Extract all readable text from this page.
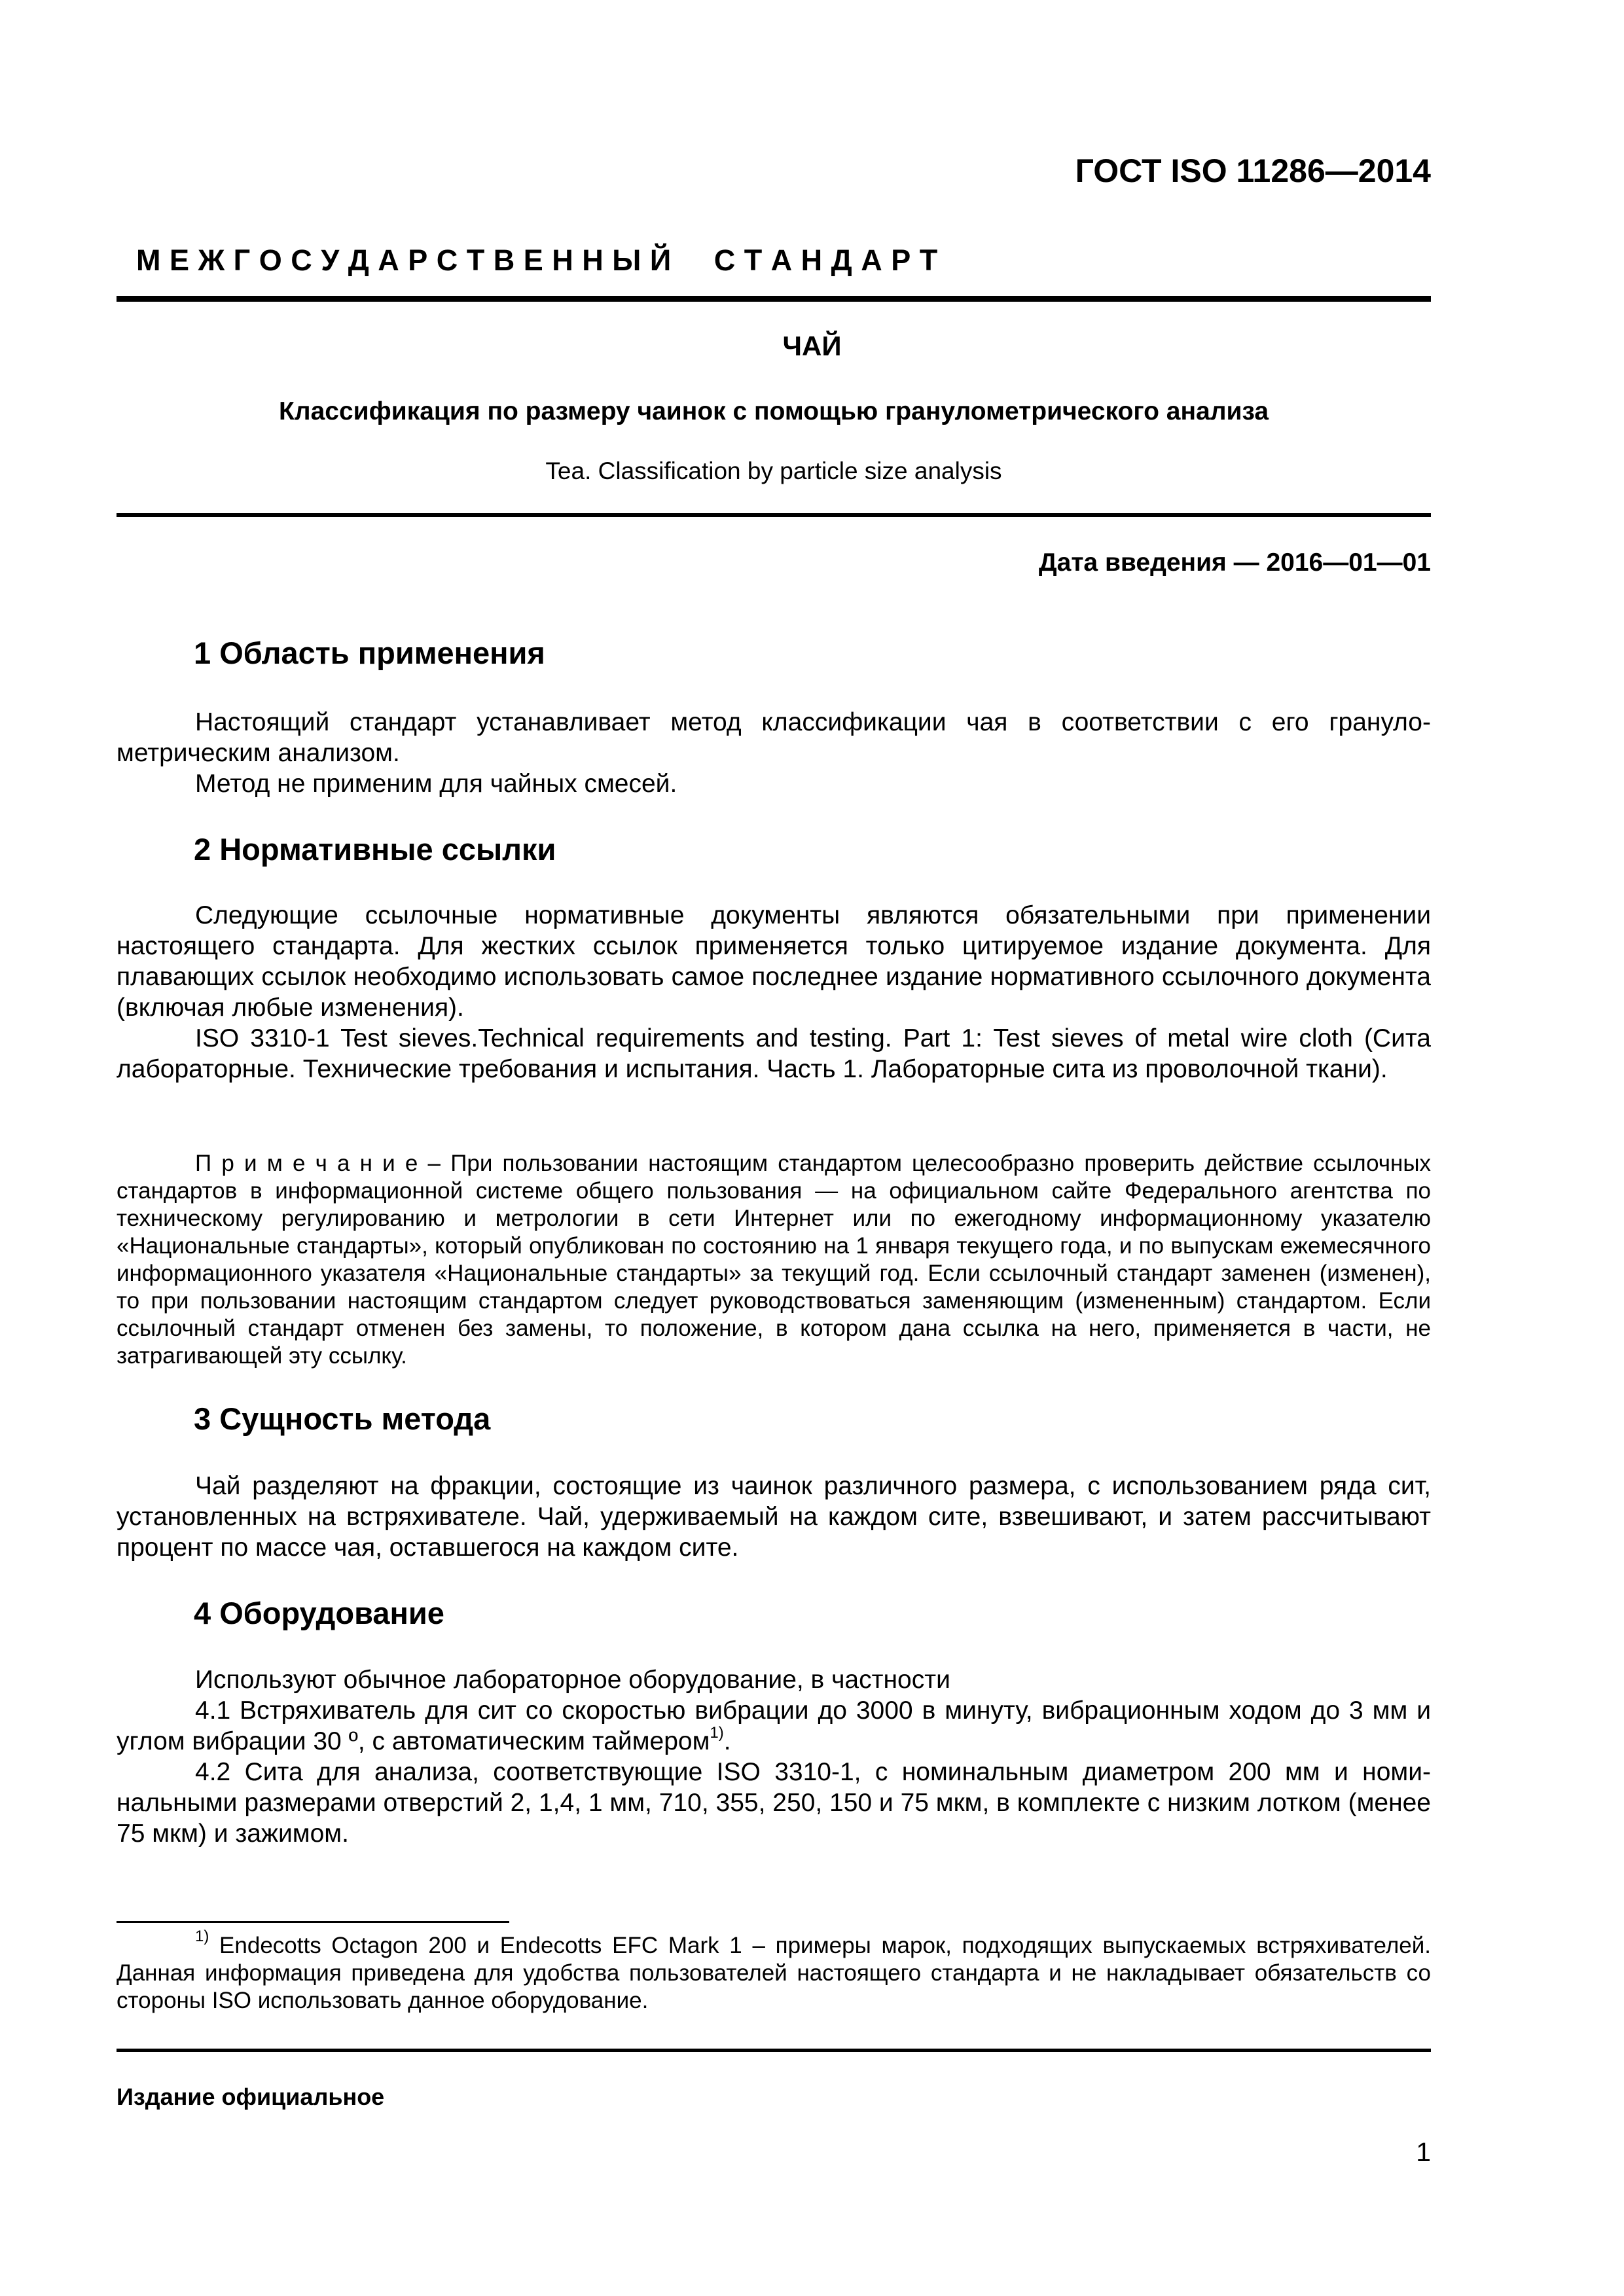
ГОСТ ISO 11286—2014
М Е Ж Г О С У Д А Р С Т В Е Н Н Ы Й     С Т А Н Д А Р Т
ЧАЙ
Классификация по размеру чаинок с помощью гранулометрического анализа
Tea. Classification by particle size analysis
Дата введения — 2016—01—01
1 Область применения

Настоящий стандарт устанавливает метод классификации чая в соответствии с его гранулометрическим анализом.

Метод не применим для чайных смесей.

2 Нормативные ссылки

Следующие ссылочные нормативные документы являются обязательными при применении настоящего стандарта. Для жестких ссылок применяется только цитируемое издание документа. Для плавающих ссылок необходимо использовать самое последнее издание нормативного ссылочного документа (включая любые изменения).

ISO 3310-1 Test sieves.Technical requirements and testing. Part 1: Test sieves of metal wire cloth (Сита лабораторные. Технические требования и испытания. Часть 1. Лабораторные сита из проволочной ткани).

П р и м е ч а н и е – При пользовании настоящим стандартом целесообразно проверить действие ссылочных стандартов в информационной системе общего пользования — на официальном сайте Федерального агентства по техническому регулированию и метрологии в сети Интернет или по ежегодному информационному указателю «Национальные стандарты», который опубликован по состоянию на 1 января текущего года, и по выпускам ежемесячного информационного указателя «Национальные стандарты» за текущий год. Если ссылочный стандарт заменен (изменен), то при пользовании настоящим стандартом следует руководствоваться заменяющим (измененным) стандартом. Если ссылочный стандарт отменен без замены, то положение, в котором дана ссылка на него, применяется в части, не затрагивающей эту ссылку.

3 Сущность метода

Чай разделяют на фракции, состоящие из чаинок различного размера, с использованием ряда сит, установленных на встряхивателе. Чай, удерживаемый на каждом сите, взвешивают, и затем рассчитывают процент по массе чая, оставшегося на каждом сите.

4 Оборудование

Используют обычное лабораторное оборудование, в частности

4.1 Встряхиватель для сит со скоростью вибрации до 3000 в минуту, вибрационным ходом до 3 мм и углом вибрации 30 º, с автоматическим таймером$^{1)}$.

4.2 Сита для анализа, соответствующие ISO 3310-1, с номинальным диаметром 200 мм и номинальными размерами отверстий 2, 1,4, 1 мм, 710, 355, 250, 150 и 75 мкм, в комплекте с низким лотком (менее 75 мкм) и зажимом.

$^{1)}$ Endecotts Octagon 200 и Endecotts EFC Mark 1 – примеры марок, подходящих выпускаемых встряхивателей. Данная информация приведена для удобства пользователей настоящего стандарта и не накладывает обязательств со стороны ISO использовать данное оборудование.

Издание официальное
1
